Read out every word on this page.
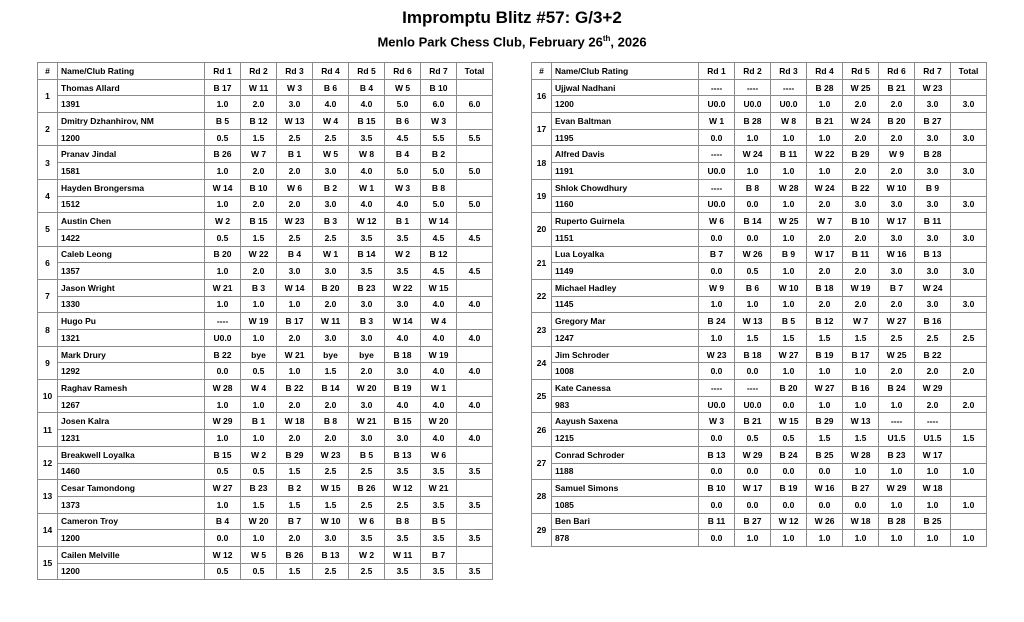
Impromptu Blitz #57: G/3+2
Menlo Park Chess Club, February 26th, 2026
#	Name/Club Rating	Rd 1	Rd 2	Rd 3	Rd 4	Rd 5	Rd 6	Rd 7	Total
1	Thomas Allard	B 17	W 11	W 3	B 6	B 4	W 5	B 10	
	1391	1.0	2.0	3.0	4.0	4.0	5.0	6.0	6.0
2	Dmitry Dzhanhirov, NM	B 5	B 12	W 13	W 4	B 15	B 6	W 3	
	1200	0.5	1.5	2.5	2.5	3.5	4.5	5.5	5.5
3	Pranav Jindal	B 26	W 7	B 1	W 5	W 8	B 4	B 2	
	1581	1.0	2.0	2.0	3.0	4.0	5.0	5.0	5.0
4	Hayden Brongersma	W 14	B 10	W 6	B 2	W 1	W 3	B 8	
	1512	1.0	2.0	2.0	3.0	4.0	4.0	5.0	5.0
5	Austin Chen	W 2	B 15	W 23	B 3	W 12	B 1	W 14	
	1422	0.5	1.5	2.5	2.5	3.5	3.5	4.5	4.5
6	Caleb Leong	B 20	W 22	B 4	W 1	B 14	W 2	B 12	
	1357	1.0	2.0	3.0	3.0	3.5	3.5	4.5	4.5
7	Jason Wright	W 21	B 3	W 14	B 20	B 23	W 22	W 15	
	1330	1.0	1.0	1.0	2.0	3.0	3.0	4.0	4.0
8	Hugo Pu	----	W 19	B 17	W 11	B 3	W 14	W 4	
	1321	U0.0	1.0	2.0	3.0	3.0	4.0	4.0	4.0
9	Mark Drury	B 22	bye	W 21	bye	bye	B 18	W 19	
	1292	0.0	0.5	1.0	1.5	2.0	3.0	4.0	4.0
10	Raghav Ramesh	W 28	W 4	B 22	B 14	W 20	B 19	W 1	
	1267	1.0	1.0	2.0	2.0	3.0	4.0	4.0	4.0
11	Josen Kalra	W 29	B 1	W 18	B 8	W 21	B 15	W 20	
	1231	1.0	1.0	2.0	2.0	3.0	3.0	4.0	4.0
12	Breakwell Loyalka	B 15	W 2	B 29	W 23	B 5	B 13	W 6	
	1460	0.5	0.5	1.5	2.5	2.5	3.5	3.5	3.5
13	Cesar Tamondong	W 27	B 23	B 2	W 15	B 26	W 12	W 21	
	1373	1.0	1.5	1.5	1.5	2.5	2.5	3.5	3.5
14	Cameron Troy	B 4	W 20	B 7	W 10	W 6	B 8	B 5	
	1200	0.0	1.0	2.0	3.0	3.5	3.5	3.5	3.5
15	Cailen Melville	W 12	W 5	B 26	B 13	W 2	W 11	B 7	
	1200	0.5	0.5	1.5	2.5	2.5	3.5	3.5	3.5
#	Name/Club Rating	Rd 1	Rd 2	Rd 3	Rd 4	Rd 5	Rd 6	Rd 7	Total
16	Ujjwal Nadhani	----	----	----	B 28	W 25	B 21	W 23	
	1200	U0.0	U0.0	U0.0	1.0	2.0	2.0	3.0	3.0
17	Evan Baltman	W 1	B 28	W 8	B 21	W 24	B 20	B 27	
	1195	0.0	1.0	1.0	1.0	2.0	2.0	3.0	3.0
18	Alfred Davis	----	W 24	B 11	W 22	B 29	W 9	B 28	
	1191	U0.0	1.0	1.0	1.0	2.0	2.0	3.0	3.0
19	Shlok Chowdhury	----	B 8	W 28	W 24	B 22	W 10	B 9	
	1160	U0.0	0.0	1.0	2.0	3.0	3.0	3.0	3.0
20	Ruperto Guirnela	W 6	B 14	W 25	W 7	B 10	W 17	B 11	
	1151	0.0	0.0	1.0	2.0	2.0	3.0	3.0	3.0
21	Lua Loyalka	B 7	W 26	B 9	W 17	B 11	W 16	B 13	
	1149	0.0	0.5	1.0	2.0	2.0	3.0	3.0	3.0
22	Michael Hadley	W 9	B 6	W 10	B 18	W 19	B 7	W 24	
	1145	1.0	1.0	1.0	2.0	2.0	2.0	3.0	3.0
23	Gregory Mar	B 24	W 13	B 5	B 12	W 7	W 27	B 16	
	1247	1.0	1.5	1.5	1.5	1.5	2.5	2.5	2.5
24	Jim Schroder	W 23	B 18	W 27	B 19	B 17	W 25	B 22	
	1008	0.0	0.0	1.0	1.0	1.0	2.0	2.0	2.0
25	Kate Canessa	----	----	B 20	W 27	B 16	B 24	W 29	
	983	U0.0	U0.0	0.0	1.0	1.0	1.0	2.0	2.0
26	Aayush Saxena	W 3	B 21	W 15	B 29	W 13	----	----	
	1215	0.0	0.5	0.5	1.5	1.5	U1.5	U1.5	1.5
27	Conrad Schroder	B 13	W 29	B 24	B 25	W 28	B 23	W 17	
	1188	0.0	0.0	0.0	0.0	1.0	1.0	1.0	1.0
28	Samuel Simons	B 10	W 17	B 19	W 16	B 27	W 29	W 18	
	1085	0.0	0.0	0.0	0.0	0.0	1.0	1.0	1.0
29	Ben Bari	B 11	B 27	W 12	W 26	W 18	B 28	B 25	
	878	0.0	1.0	1.0	1.0	1.0	1.0	1.0	1.0
